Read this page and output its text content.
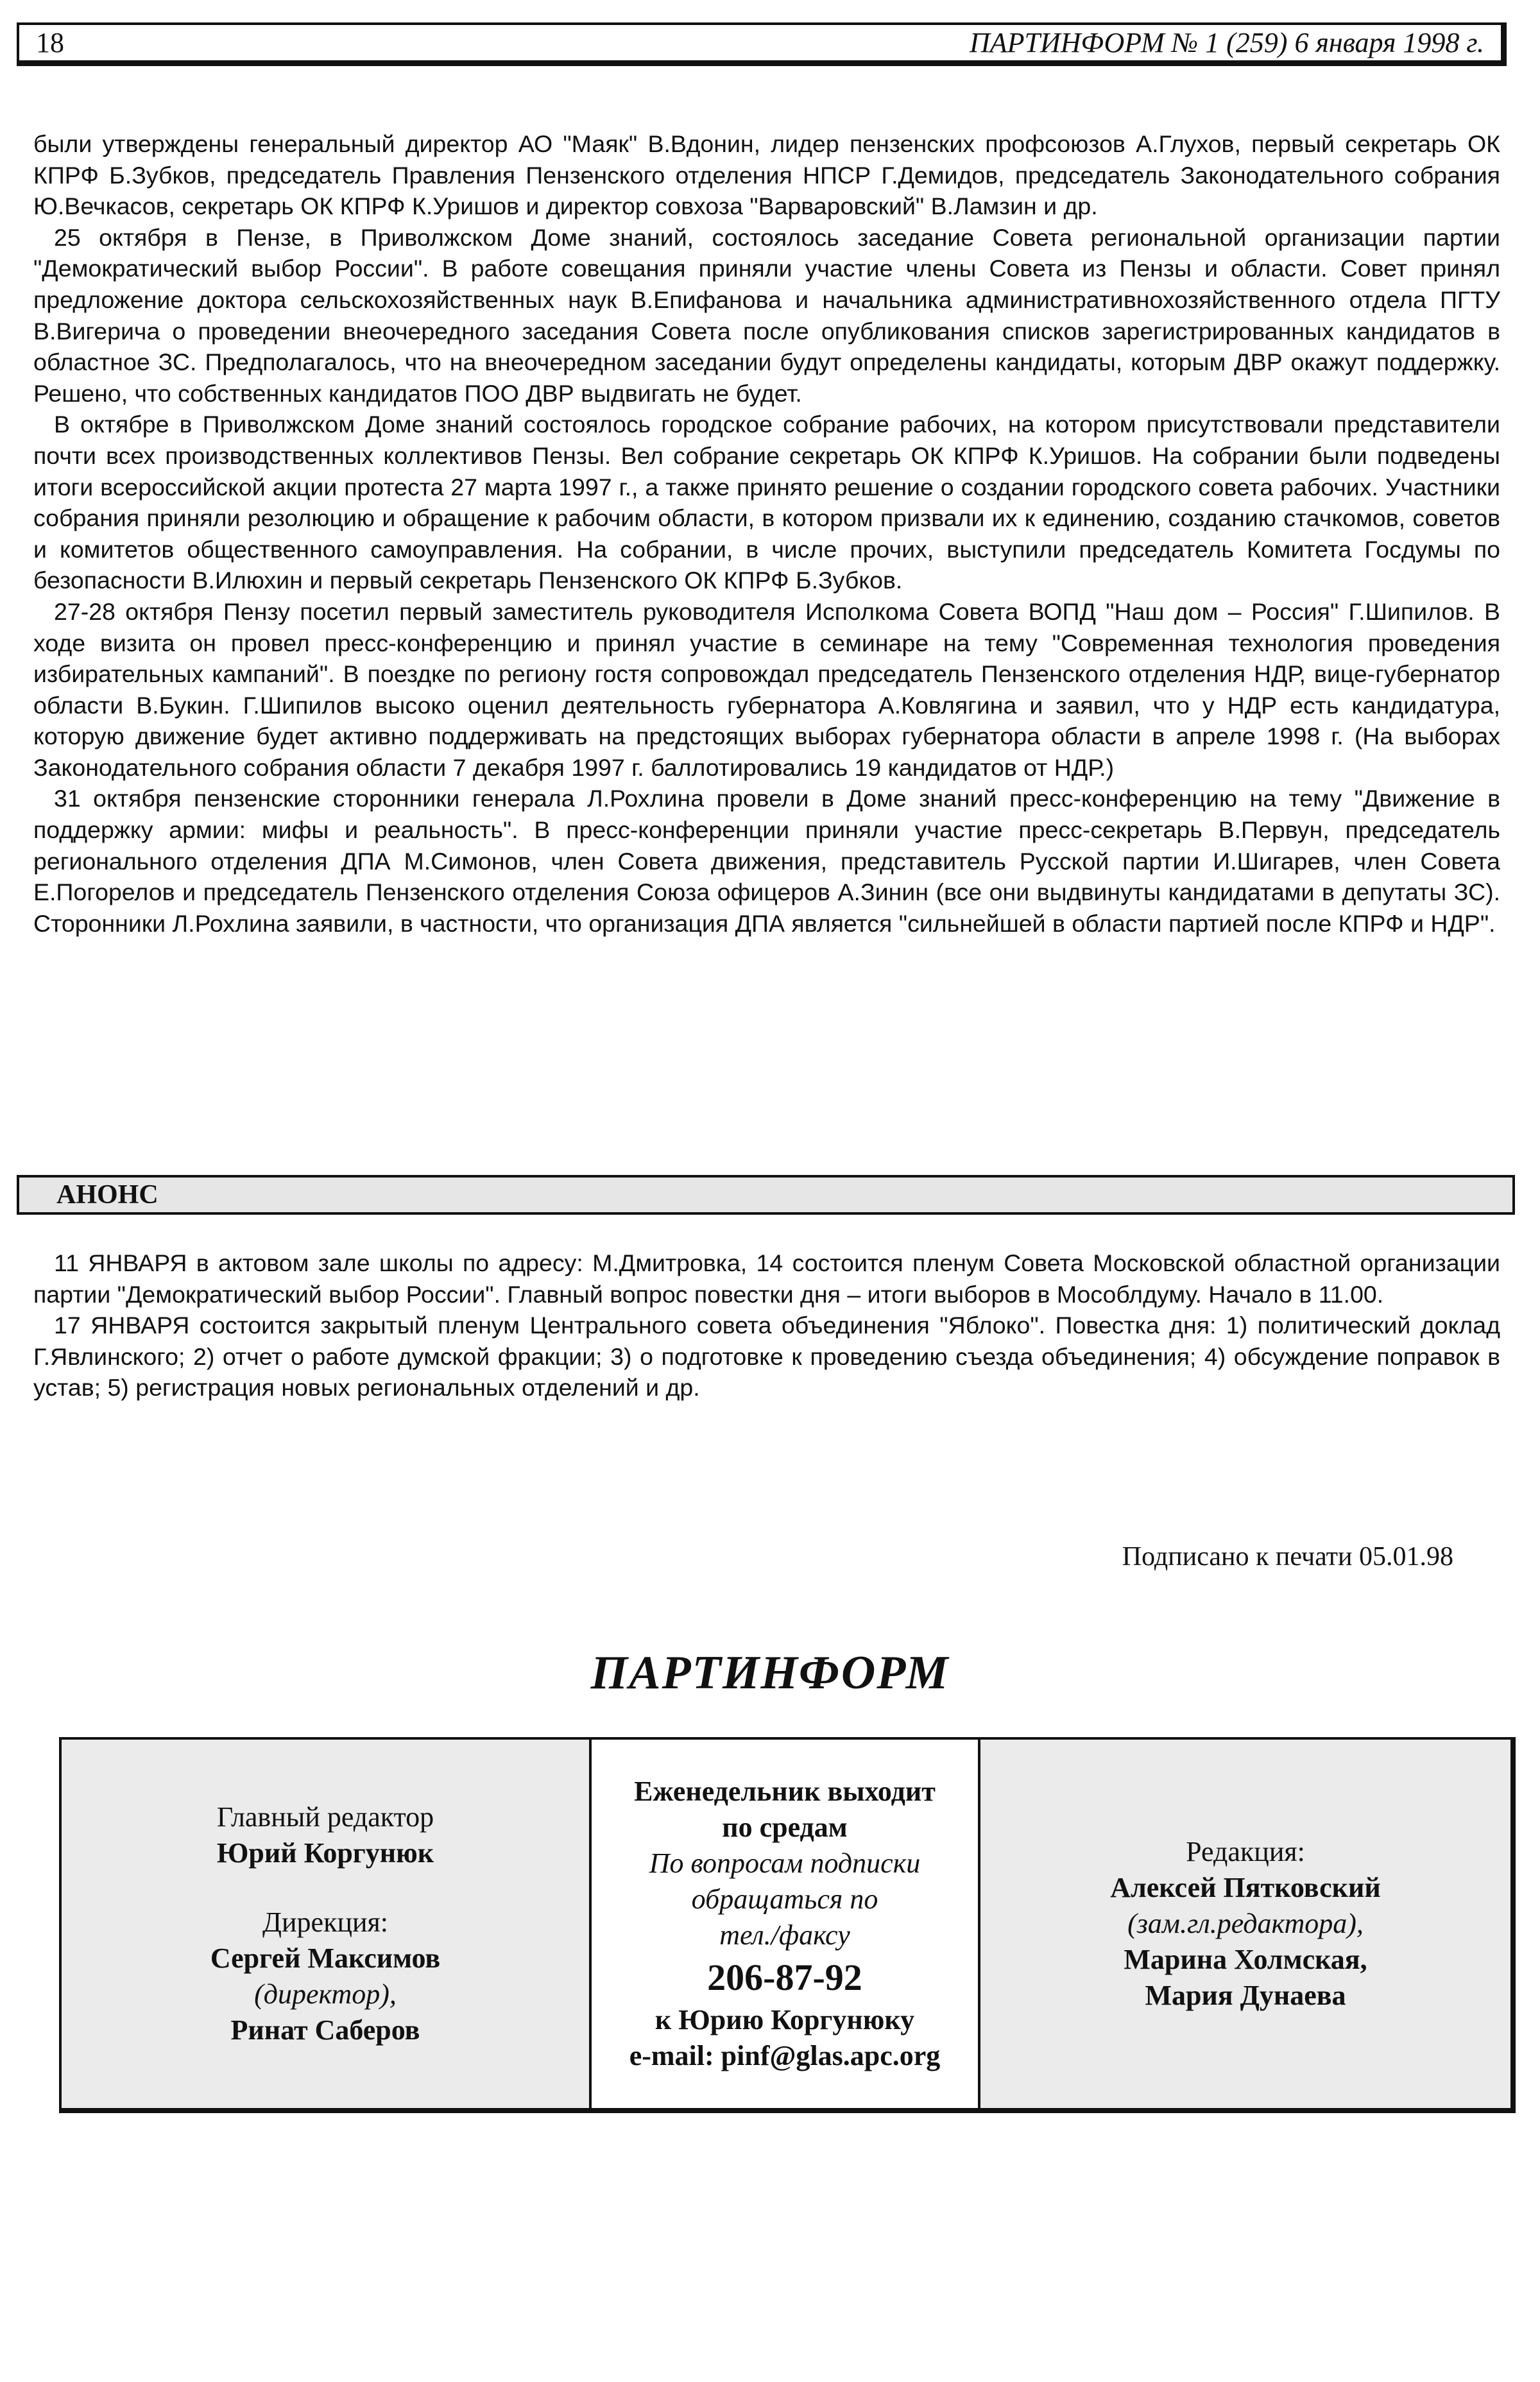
18	ПАРТИНФОРМ № 1 (259) 6 января 1998 г.

были утверждены генеральный директор АО "Маяк" В.Вдонин, лидер пензенских профсоюзов А.Глухов, первый секретарь ОК КПРФ Б.Зубков, председатель Правления Пензенского отделения НПСР Г.Демидов, председатель Законодательного собрания Ю.Вечкасов, секретарь ОК КПРФ К.Уришов и директор совхоза "Варваровский" В.Ламзин и др.

25 октября в Пензе, в Приволжском Доме знаний, состоялось заседание Совета региональной организации партии "Демократический выбор России". В работе совещания приняли участие члены Совета из Пензы и области. Совет принял предложение доктора сельскохозяйственных наук В.Епифанова и начальника административнохозяйственного отдела ПГТУ В.Вигерича о проведении внеочередного заседания Совета после опубликования списков зарегистрированных кандидатов в областное ЗС. Предполагалось, что на внеочередном заседании будут определены кандидаты, которым ДВР окажут поддержку. Решено, что собственных кандидатов ПОО ДВР выдвигать не будет.

В октябре в Приволжском Доме знаний состоялось городское собрание рабочих, на котором присутствовали представители почти всех производственных коллективов Пензы. Вел собрание секретарь ОК КПРФ К.Уришов. На собрании были подведены итоги всероссийской акции протеста 27 марта 1997 г., а также принято решение о создании городского совета рабочих. Участники собрания приняли резолюцию и обращение к рабочим области, в котором призвали их к единению, созданию стачкомов, советов и комитетов общественного самоуправления. На собрании, в числе прочих, выступили председатель Комитета Госдумы по безопасности В.Илюхин и первый секретарь Пензенского ОК КПРФ Б.Зубков.

27-28 октября Пензу посетил первый заместитель руководителя Исполкома Совета ВОПД "Наш дом – Россия" Г.Шипилов. В ходе визита он провел пресс-конференцию и принял участие в семинаре на тему "Современная технология проведения избирательных кампаний". В поездке по региону гостя сопровождал председатель Пензенского отделения НДР, вице-губернатор области В.Букин. Г.Шипилов высоко оценил деятельность губернатора А.Ковлягина и заявил, что у НДР есть кандидатура, которую движение будет активно поддерживать на предстоящих выборах губернатора области в апреле 1998 г. (На выборах Законодательного собрания области 7 декабря 1997 г. баллотировались 19 кандидатов от НДР.)

31 октября пензенские сторонники генерала Л.Рохлина провели в Доме знаний пресс-конференцию на тему "Движение в поддержку армии: мифы и реальность". В пресс-конференции приняли участие пресс-секретарь В.Первун, председатель регионального отделения ДПА М.Симонов, член Совета движения, представитель Русской партии И.Шигарев, член Совета Е.Погорелов и председатель Пензенского отделения Союза офицеров А.Зинин (все они выдвинуты кандидатами в депутаты ЗС). Сторонники Л.Рохлина заявили, в частности, что организация ДПА является "сильнейшей в области партией после КПРФ и НДР".

АНОНС

11 ЯНВАРЯ в актовом зале школы по адресу: М.Дмитровка, 14 состоится пленум Совета Московской областной организации партии "Демократический выбор России". Главный вопрос повестки дня – итоги выборов в Мособлдуму. Начало в 11.00.

17 ЯНВАРЯ состоится закрытый пленум Центрального совета объединения "Яблоко". Повестка дня: 1) политический доклад Г.Явлинского; 2) отчет о работе думской фракции; 3) о подготовке к проведению съезда объединения; 4) обсуждение поправок в устав; 5) регистрация новых региональных отделений и др.

Подписано к печати 05.01.98
ПАРТИНФОРМ
Главный редактор
Юрий Коргунюк
Дирекция:
Сергей Максимов
(директор),
Ринат Саберов
Еженедельник выходит
по средам
По вопросам подписки
обращаться по
тел./факсу
206-87-92
к Юрию Коргунюку
e-mail: pinf@glas.apc.org
Редакция:
Алексей Пятковский
(зам.гл.редактора),
Марина Холмская,
Мария Дунаева
